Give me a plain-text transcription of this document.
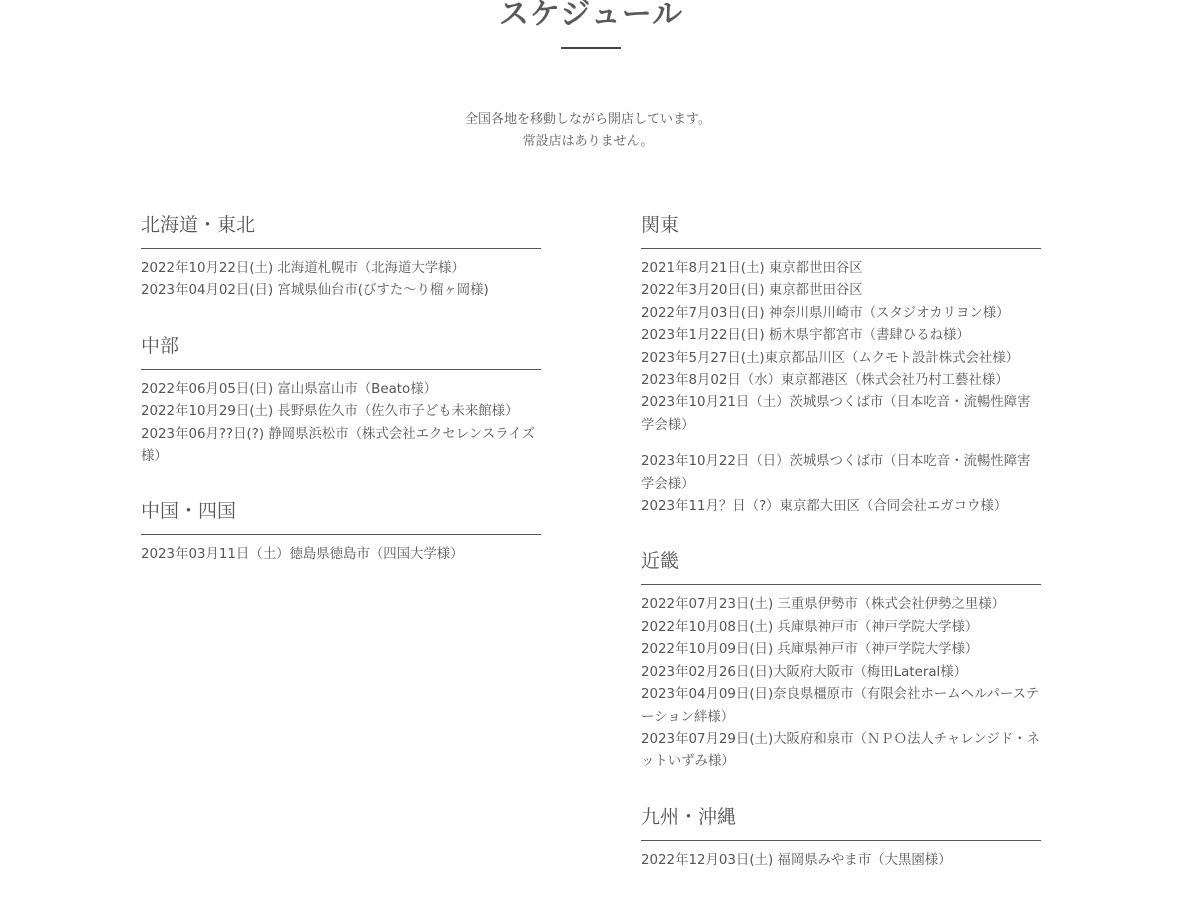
スケジュール
全国各地を移動しながら開店しています。
常設店はありません。
北海道・東北
2022年10月22日(土) 北海道札幌市（北海道大学様）
2023年04月02日(日) 宮城県仙台市(びすた〜り榴ヶ岡様)
中部
2022年06月05日(日) 富山県富山市（Beato様）
2022年10月29日(土) 長野県佐久市（佐久市子ども未来館様）
2023年06月??日(?) 静岡県浜松市（株式会社エクセレンスライズ様）
中国・四国
2023年03月11日（土）徳島県徳島市（四国大学様）
関東
2021年8月21日(土) 東京都世田谷区
2022年3月20日(日) 東京都世田谷区
2022年7月03日(日) 神奈川県川崎市（スタジオカリヨン様）
2023年1月22日(日) 栃木県宇都宮市（書肆ひるね様）
2023年5月27日(土)東京都品川区（ムクモト設計株式会社様）
2023年8月02日（水）東京都港区（株式会社乃村工藝社様）
2023年10月21日（土）茨城県つくば市（日本吃音・流暢性障害学会様）
2023年10月22日（日）茨城県つくば市（日本吃音・流暢性障害学会様）
2023年11月？日（?）東京都大田区（合同会社エガコウ様）
近畿
2022年07月23日(土) 三重県伊勢市（株式会社伊勢之里様）
2022年10月08日(土) 兵庫県神戸市（神戸学院大学様）
2022年10月09日(日) 兵庫県神戸市（神戸学院大学様）
2023年02月26日(日)大阪府大阪市（梅田Lateral様）
2023年04月09日(日)奈良県橿原市（有限会社ホームヘルパーステーション絆様）
2023年07月29日(土)大阪府和泉市（ＮＰＯ法人チャレンジド・ネットいずみ様）
九州・沖縄
2022年12月03日(土) 福岡県みやま市（大黒園様）
